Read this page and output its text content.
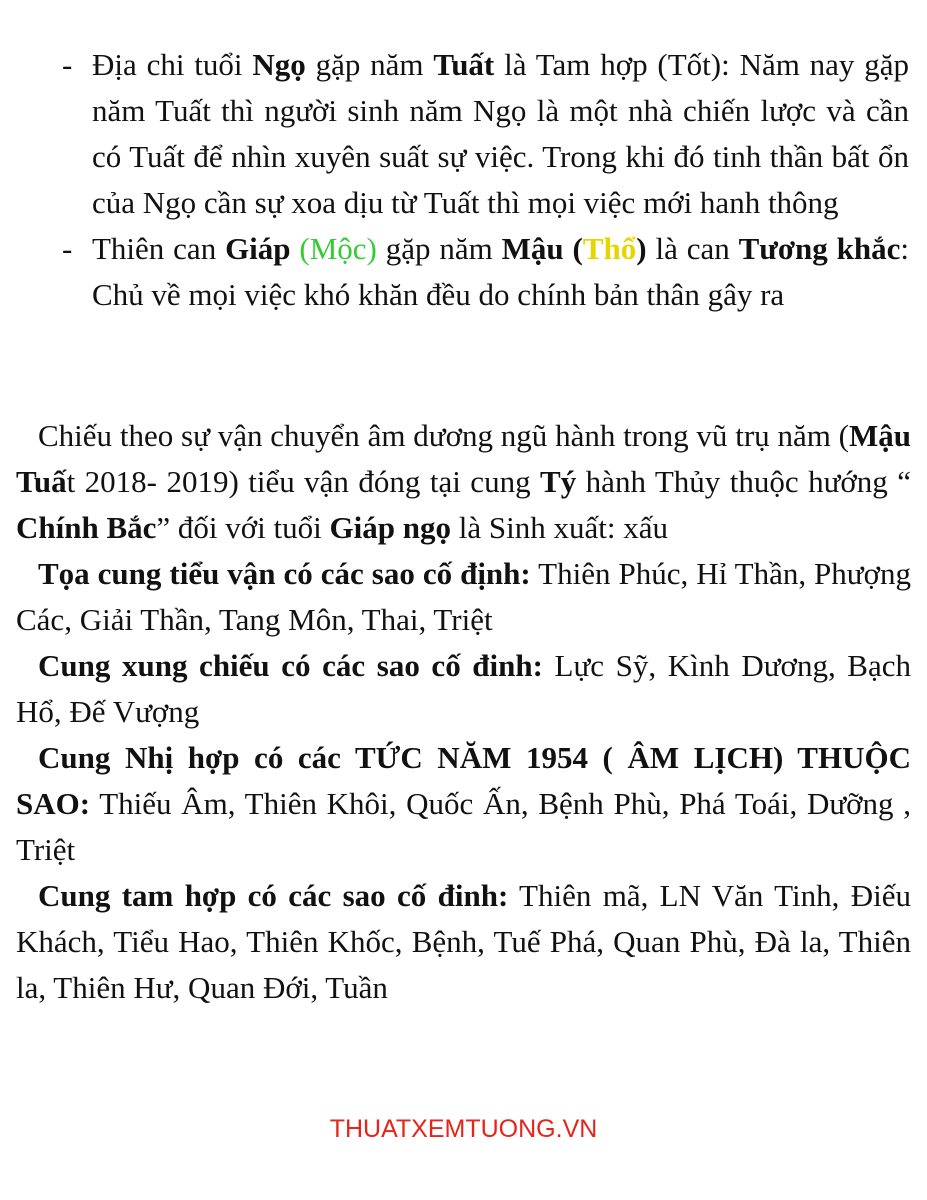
- Địa chi tuổi Ngọ gặp năm Tuất là Tam hợp (Tốt): Năm nay gặp năm Tuất thì người sinh năm Ngọ là một nhà chiến lược và cần có Tuất để nhìn xuyên suất sự việc. Trong khi đó tinh thần bất ổn của Ngọ cần sự xoa dịu từ Tuất thì mọi việc mới hanh thông
- Thiên can Giáp (Mộc) gặp năm Mậu (Thổ) là can Tương khắc: Chủ về mọi việc khó khăn đều do chính bản thân gây ra
Chiếu theo sự vận chuyển âm dương ngũ hành trong vũ trụ năm (Mậu Tuất 2018- 2019) tiểu vận đóng tại cung Tý hành Thủy thuộc hướng “ Chính Bắc” đối với tuổi Giáp ngọ là Sinh xuất: xấu
Tọa cung tiểu vận có các sao cố định: Thiên Phúc, Hỉ Thần, Phượng Các, Giải Thần, Tang Môn, Thai, Triệt
Cung xung chiếu có các sao cố đinh: Lực Sỹ, Kình Dương, Bạch Hổ, Đế Vượng
Cung Nhị hợp có các TỨC NĂM 1954 ( ÂM LỊCH) THUỘC SAO: Thiếu Âm, Thiên Khôi, Quốc Ấn, Bệnh Phù, Phá Toái, Dưỡng , Triệt
Cung tam hợp có các sao cố đinh: Thiên mã, LN Văn Tinh, Điếu Khách, Tiểu Hao, Thiên Khốc, Bệnh, Tuế Phá, Quan Phù, Đà la, Thiên la, Thiên Hư, Quan Đới, Tuần
THUATXEMTUONG.VN
